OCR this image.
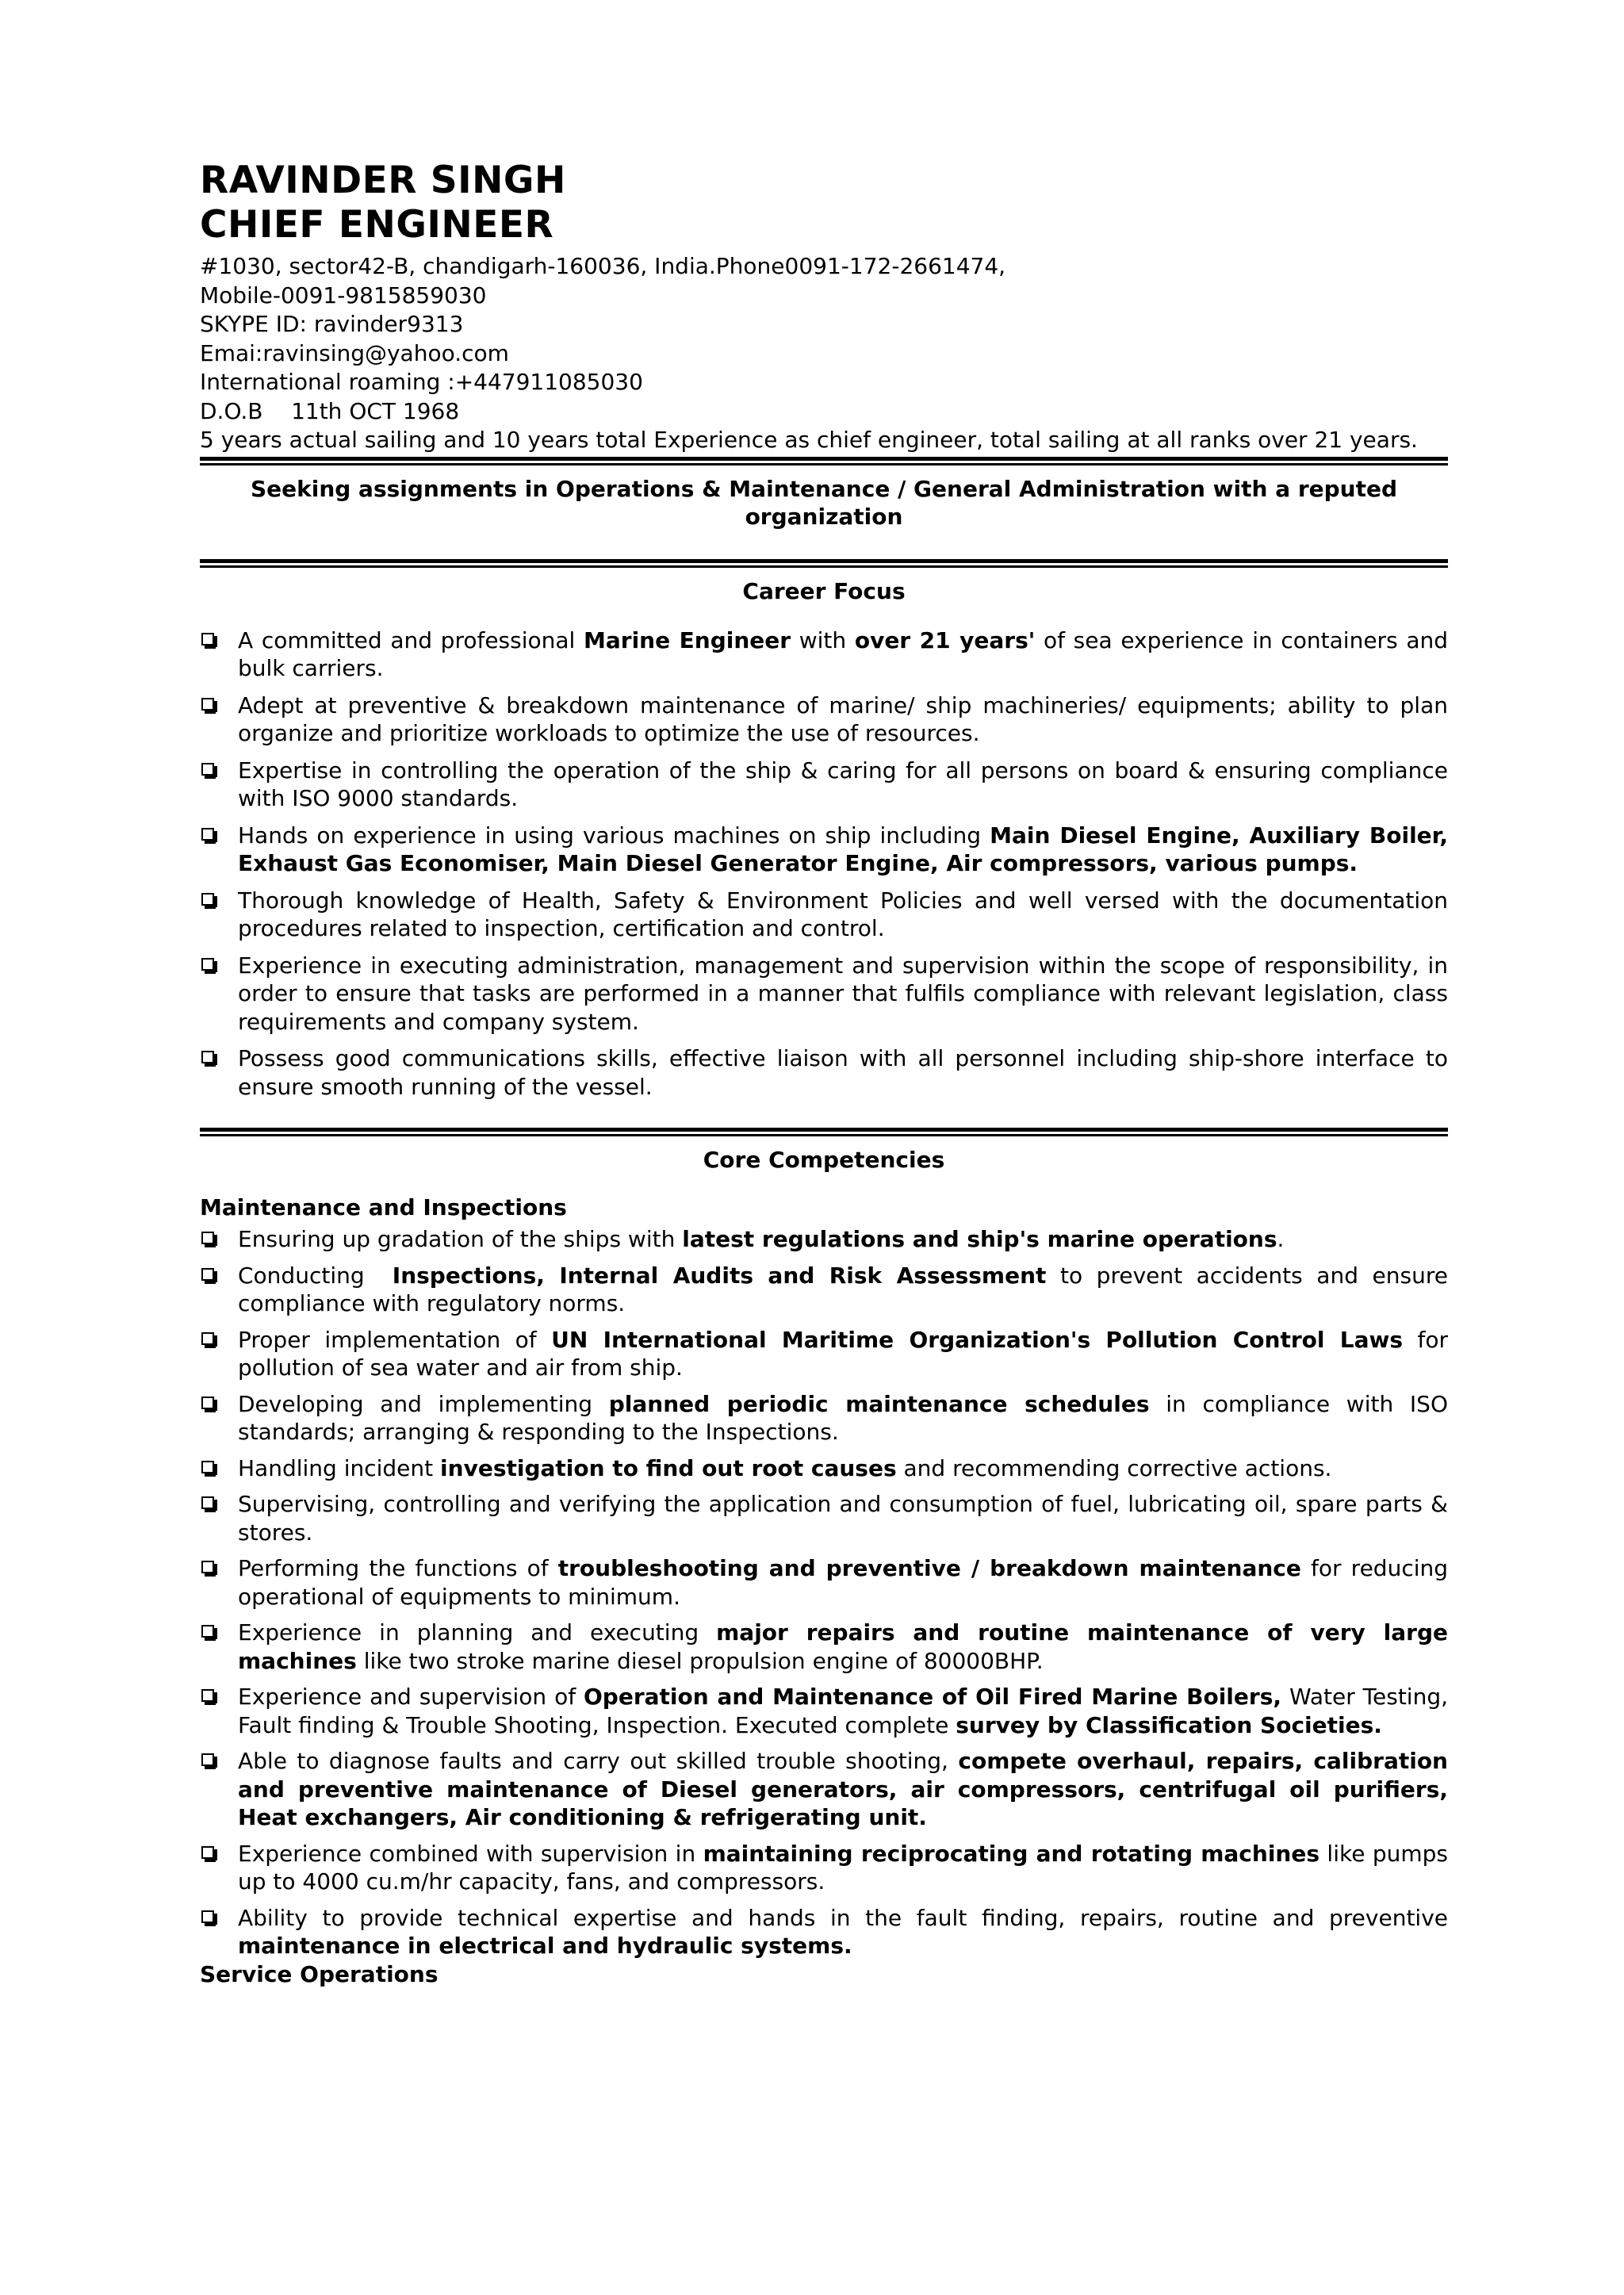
RAVINDER SINGH
CHIEF ENGINEER
#1030, sector42-B, chandigarh-160036, India.Phone0091-172-2661474,
Mobile-0091-9815859030
SKYPE ID: ravinder9313
Emai:ravinsing@yahoo.com
International roaming :+447911085030
D.O.B    11th OCT 1968
5 years actual sailing and 10 years total Experience as chief engineer, total sailing at all ranks over 21 years.
Seeking assignments in Operations & Maintenance / General Administration with a reputed organization
Career Focus
A committed and professional Marine Engineer with over 21 years' of sea experience in containers and bulk carriers.
Adept at preventive & breakdown maintenance of marine/ ship machineries/ equipments; ability to plan organize and prioritize workloads to optimize the use of resources.
Expertise in controlling the operation of the ship & caring for all persons on board & ensuring compliance with ISO 9000 standards.
Hands on experience in using various machines on ship including Main Diesel Engine, Auxiliary Boiler, Exhaust Gas Economiser, Main Diesel Generator Engine, Air compressors, various pumps.
Thorough knowledge of Health, Safety & Environment Policies and well versed with the documentation procedures related to inspection, certification and control.
Experience in executing administration, management and supervision within the scope of responsibility, in order to ensure that tasks are performed in a manner that fulfils compliance with relevant legislation, class requirements and company system.
Possess good communications skills, effective liaison with all personnel including ship-shore interface to ensure smooth running of the vessel.
Core Competencies
Maintenance and Inspections
Ensuring up gradation of the ships with latest regulations and ship's marine operations.
Conducting  Inspections, Internal Audits and Risk Assessment to prevent accidents and ensure compliance with regulatory norms.
Proper implementation of UN International Maritime Organization's Pollution Control Laws for pollution of sea water and air from ship.
Developing and implementing planned periodic maintenance schedules in compliance with ISO standards; arranging & responding to the Inspections.
Handling incident investigation to find out root causes and recommending corrective actions.
Supervising, controlling and verifying the application and consumption of fuel, lubricating oil, spare parts & stores.
Performing the functions of troubleshooting and preventive / breakdown maintenance for reducing operational of equipments to minimum.
Experience in planning and executing major repairs and routine maintenance of very large machines like two stroke marine diesel propulsion engine of 80000BHP.
Experience and supervision of Operation and Maintenance of Oil Fired Marine Boilers, Water Testing, Fault finding & Trouble Shooting, Inspection. Executed complete survey by Classification Societies.
Able to diagnose faults and carry out skilled trouble shooting, compete overhaul, repairs, calibration and preventive maintenance of Diesel generators, air compressors, centrifugal oil purifiers, Heat exchangers, Air conditioning & refrigerating unit.
Experience combined with supervision in maintaining reciprocating and rotating machines like pumps up to 4000 cu.m/hr capacity, fans, and compressors.
Ability to provide technical expertise and hands in the fault finding, repairs, routine and preventive maintenance in electrical and hydraulic systems.
Service Operations
